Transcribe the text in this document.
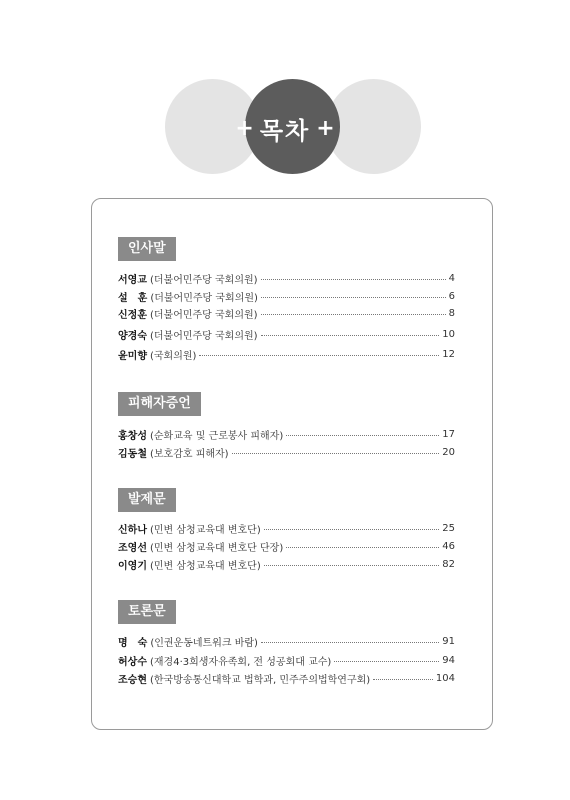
+ 목차 +
인사말
서영교 (더불어민주당 국회의원)	4
설　훈 (더불어민주당 국회의원)	6
신정훈 (더불어민주당 국회의원)	8
양경숙 (더불어민주당 국회의원)	10
윤미향 (국회의원)	12
피해자증언
홍창성 (순화교육 및 근로봉사 피해자)	17
김동철 (보호감호 피해자)	20
발제문
신하나 (민변 삼청교육대 변호단)	25
조영선 (민변 삼청교육대 변호단 단장)	46
이영기 (민변 삼청교육대 변호단)	82
토론문
명　숙 (인권운동네트워크 바람)	91
허상수 (재경4·3희생자유족회, 전 성공회대 교수)	94
조승현 (한국방송통신대학교 법학과, 민주주의법학연구회)	104
